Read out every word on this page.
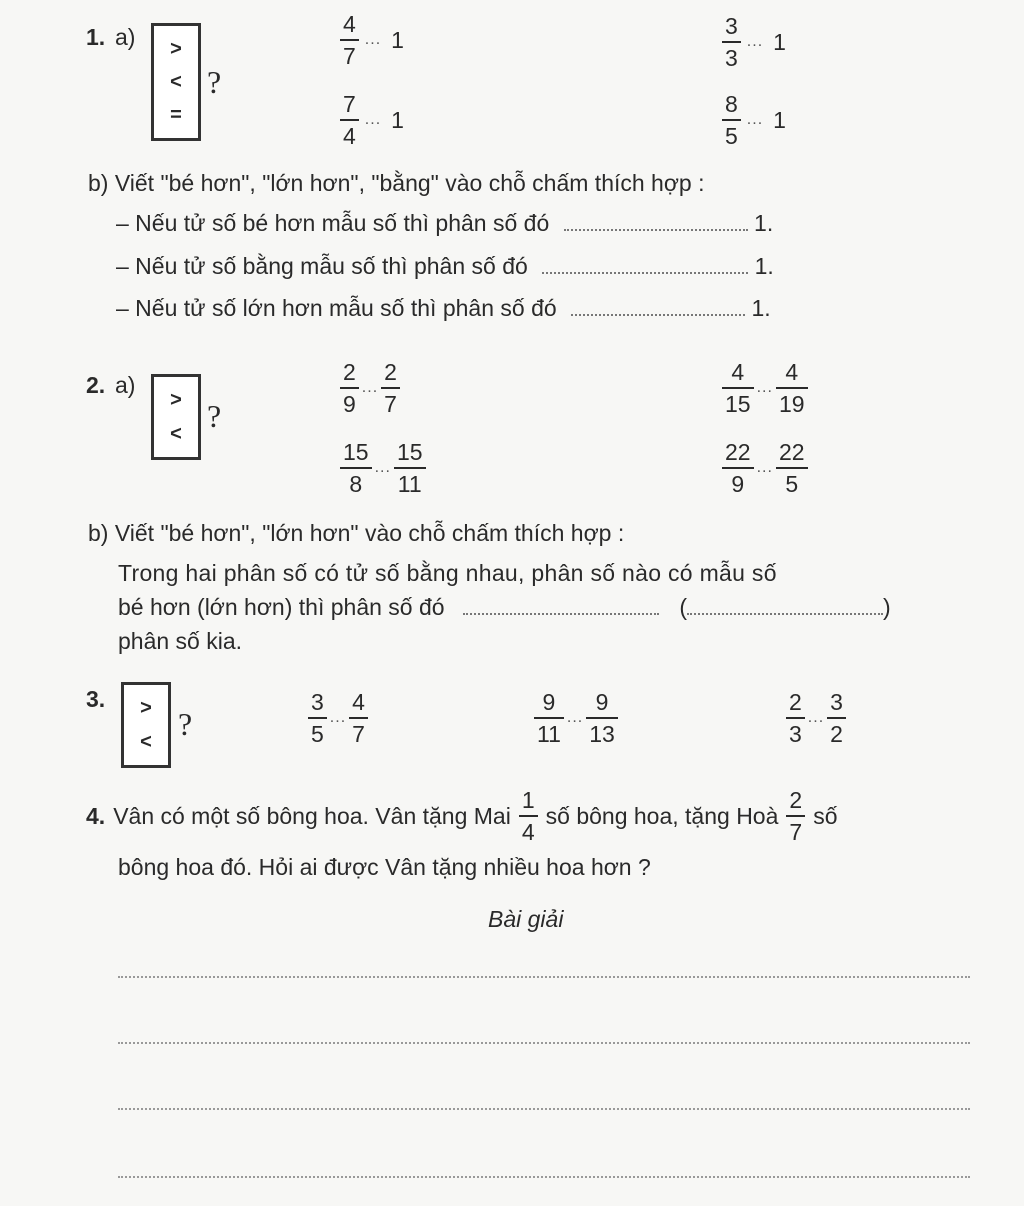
1. a) >
<
=
?
$\frac{4}{7}$ ... 1	$\frac{3}{3}$ ... 1
$\frac{7}{4}$ ... 1	$\frac{8}{5}$ ... 1
b) Viết "bé hơn", "lớn hơn", "bằng" vào chỗ chấm thích hợp :
– Nếu tử số bé hơn mẫu số thì phân số đó	1.
– Nếu tử số bằng mẫu số thì phân số đó	1.
– Nếu tử số lớn hơn mẫu số thì phân số đó	1.
2. a)
>
< ?	$\frac{2}{9}$ ... $\frac{2}{7}$	$\frac{4}{15}$ ... $\frac{4}{19}$
$\frac{15}{8}$ ... $\frac{15}{11}$	$\frac{22}{9}$ ... $\frac{22}{5}$
b) Viết "bé hơn", "lớn hơn" vào chỗ chấm thích hợp :
Trong hai phân số có tử số bằng nhau, phân số nào có mẫu số
bé hơn (lớn hơn) thì phân số đó	(	)
phân số kia.
3. >
< ?	$\frac{3}{5}$ ... $\frac{4}{7}$	$\frac{9}{11}$ ... $\frac{9}{13}$	$\frac{2}{3}$ ... $\frac{3}{2}$
4. Vân có một số bông hoa. Vân tặng Mai $\frac{1}{4}$ số bông hoa, tặng Hoà $\frac{2}{7}$ số
bông hoa đó. Hỏi ai được Vân tặng nhiều hoa hơn ?
Bài giải
